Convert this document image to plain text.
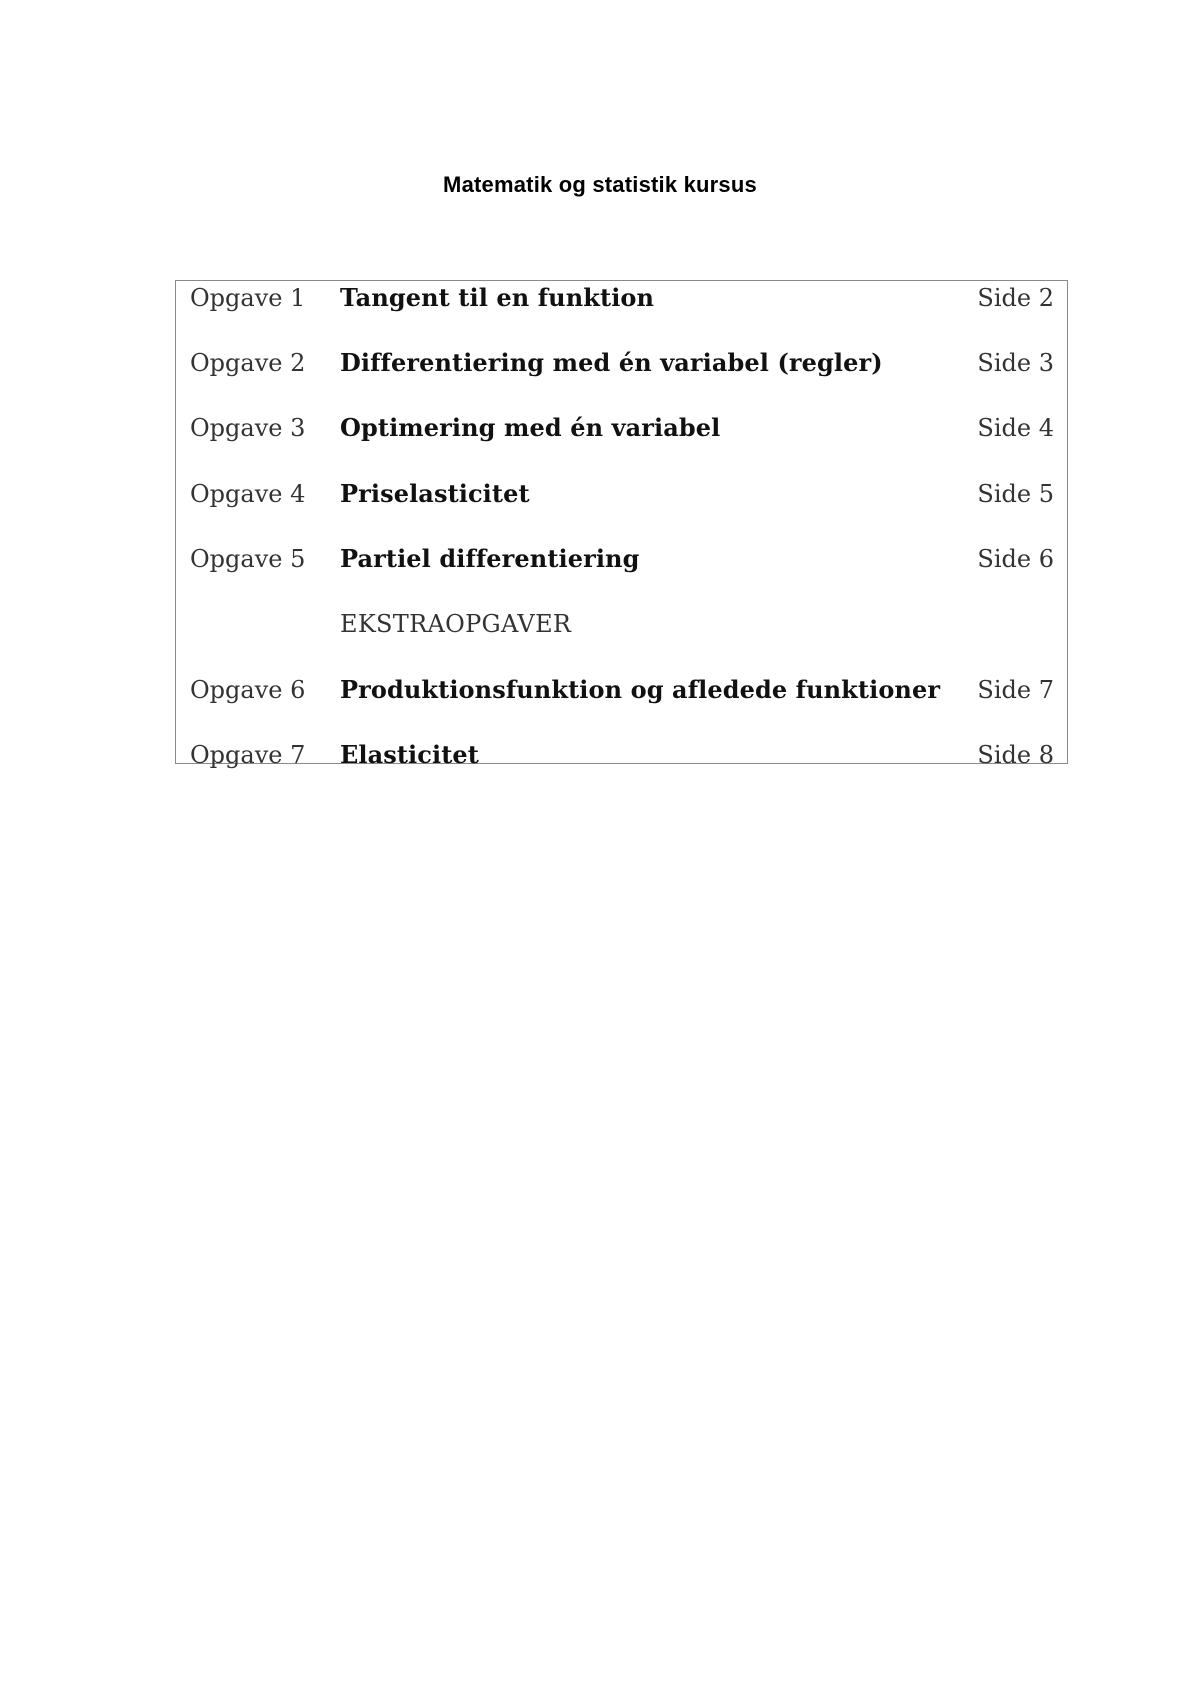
Matematik og statistik kursus
Opgave 1 Tangent til en funktion	Side 2
Opgave 2 Differentiering med én variabel (regler)	Side 3
Opgave 3 Optimering med én variabel	Side 4
Opgave 4 Priselasticitet	Side 5
Opgave 5 Partiel differentiering	Side 6
EKSTRAOPGAVER
Opgave 6 Produktionsfunktion og afledede funktioner Side 7
Opgave 7 Elasticitet	Side 8
